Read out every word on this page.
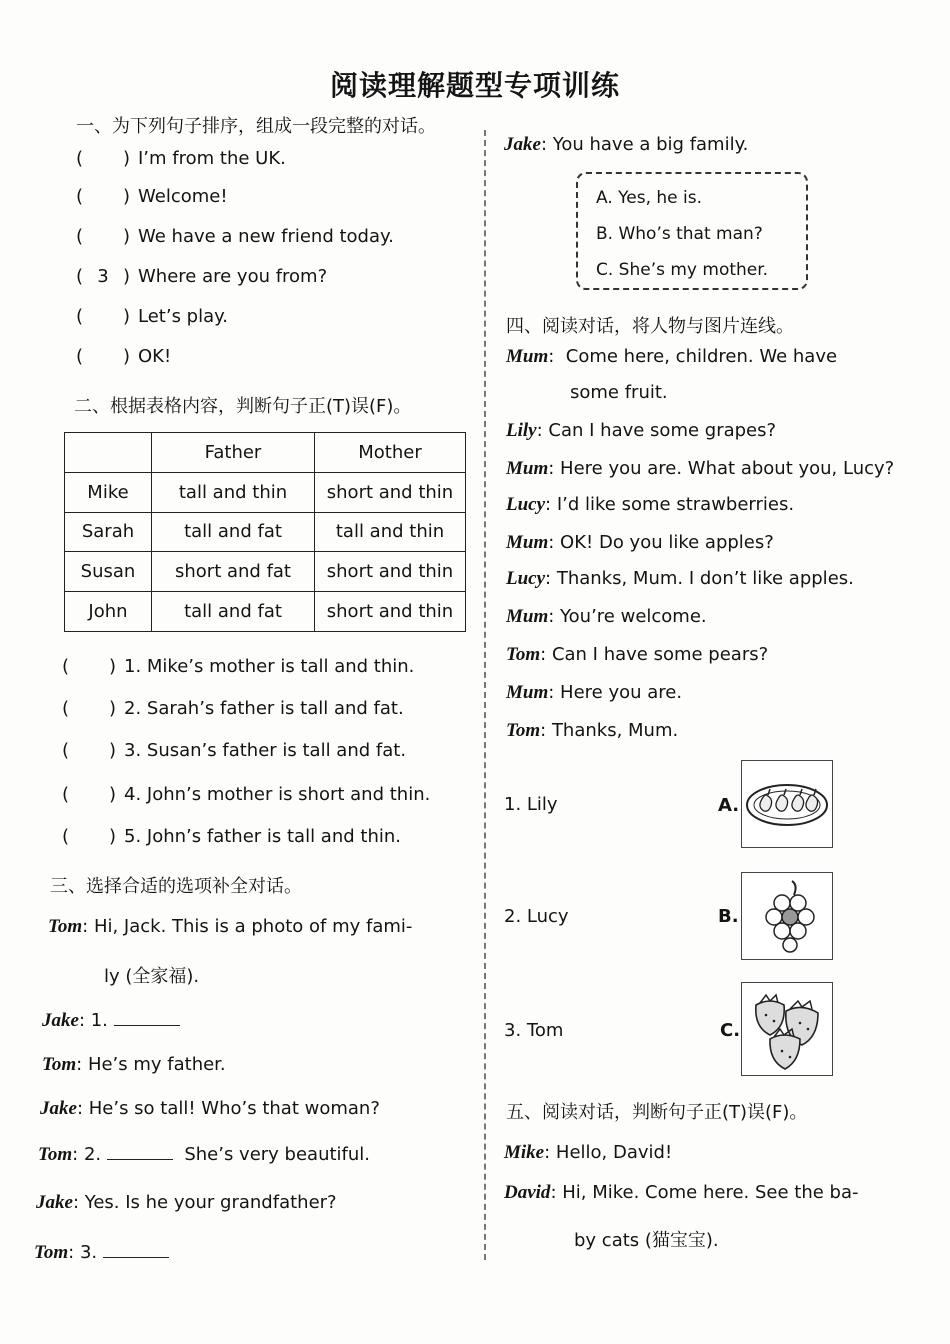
阅读理解题型专项训练
一、为下列句子排序，组成一段完整的对话。
( ) I’m from the UK.
( ) Welcome!
( ) We have a new friend today.
( 3 ) Where are you from?
( ) Let’s play.
( ) OK!
二、根据表格内容，判断句子正(T)误(F)。
	Father	Mother
Mike	tall and thin	short and thin
Sarah	tall and fat	tall and thin
Susan	short and fat	short and thin
John	tall and fat	short and thin
( ) 1. Mike’s mother is tall and thin.
( ) 2. Sarah’s father is tall and fat.
( ) 3. Susan’s father is tall and fat.
( ) 4. John’s mother is short and thin.
( ) 5. John’s father is tall and thin.
三、选择合适的选项补全对话。
Tom: Hi, Jack. This is a photo of my fami-
ly (全家福).
Jake: 1.
Tom: He’s my father.
Jake: He’s so tall! Who’s that woman?
Tom: 2.	She’s very beautiful.
Jake: Yes. Is he your grandfather?
Tom: 3.
Jake: You have a big family.
A. Yes, he is.
B. Who’s that man?
C. She’s my mother.
四、阅读对话，将人物与图片连线。
Mum:  Come here, children. We have
some fruit.
Lily: Can I have some grapes?
Mum: Here you are. What about you, Lucy?
Lucy: I’d like some strawberries.
Mum: OK! Do you like apples?
Lucy: Thanks, Mum. I don’t like apples.
Mum: You’re welcome.
Tom: Can I have some pears?
Mum: Here you are.
Tom: Thanks, Mum.
1. Lily
2. Lucy
3. Tom
A.
B.
C.
五、阅读对话，判断句子正(T)误(F)。
Mike: Hello, David!
David: Hi, Mike. Come here. See the ba-
by cats (猫宝宝).
